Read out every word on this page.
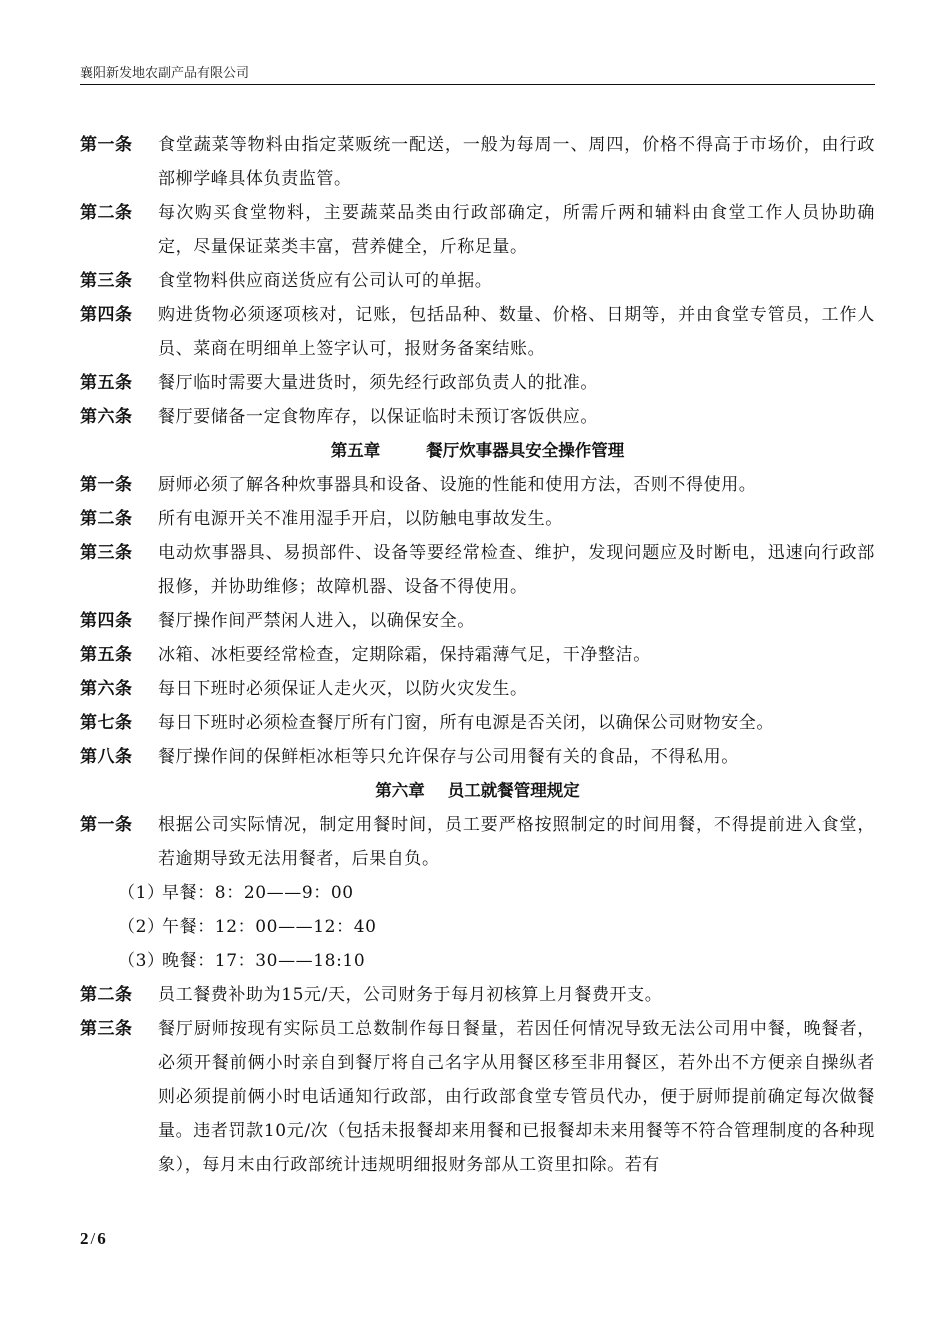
襄阳新发地农副产品有限公司
第一条	食堂蔬菜等物料由指定菜贩统一配送，一般为每周一、周四，价格不得高于市场价，由行政部柳学峰具体负责监管。
第二条	每次购买食堂物料，主要蔬菜品类由行政部确定，所需斤两和辅料由食堂工作人员协助确定，尽量保证菜类丰富，营养健全，斤称足量。
第三条	食堂物料供应商送货应有公司认可的单据。
第四条	购进货物必须逐项核对，记账，包括品种、数量、价格、日期等，并由食堂专管员，工作人员、菜商在明细单上签字认可，报财务备案结账。
第五条	餐厅临时需要大量进货时，须先经行政部负责人的批准。
第六条	餐厅要储备一定食物库存，以保证临时未预订客饭供应。
第五章        餐厅炊事器具安全操作管理
第一条	厨师必须了解各种炊事器具和设备、设施的性能和使用方法，否则不得使用。
第二条	所有电源开关不准用湿手开启，以防触电事故发生。
第三条	电动炊事器具、易损部件、设备等要经常检查、维护，发现问题应及时断电，迅速向行政部报修，并协助维修；故障机器、设备不得使用。
第四条	餐厅操作间严禁闲人进入，以确保安全。
第五条	冰箱、冰柜要经常检查，定期除霜，保持霜薄气足，干净整洁。
第六条	每日下班时必须保证人走火灭，以防火灾发生。
第七条	每日下班时必须检查餐厅所有门窗，所有电源是否关闭，以确保公司财物安全。
第八条	餐厅操作间的保鲜柜冰柜等只允许保存与公司用餐有关的食品，不得私用。
第六章    员工就餐管理规定
第一条	根据公司实际情况，制定用餐时间，员工要严格按照制定的时间用餐，不得提前进入食堂，若逾期导致无法用餐者，后果自负。
（1）早餐：8：20——9：00
（2）午餐：12：00——12：40
（3）晚餐：17：30——18:10
第二条	员工餐费补助为15元/天，公司财务于每月初核算上月餐费开支。
第三条	餐厅厨师按现有实际员工总数制作每日餐量，若因任何情况导致无法公司用中餐，晚餐者，必须开餐前俩小时亲自到餐厅将自己名字从用餐区移至非用餐区，若外出不方便亲自操纵者则必须提前俩小时电话通知行政部，由行政部食堂专管员代办，便于厨师提前确定每次做餐量。违者罚款10元/次（包括未报餐却来用餐和已报餐却未来用餐等不符合管理制度的各种现象），每月末由行政部统计违规明细报财务部从工资里扣除。若有
2 / 6
